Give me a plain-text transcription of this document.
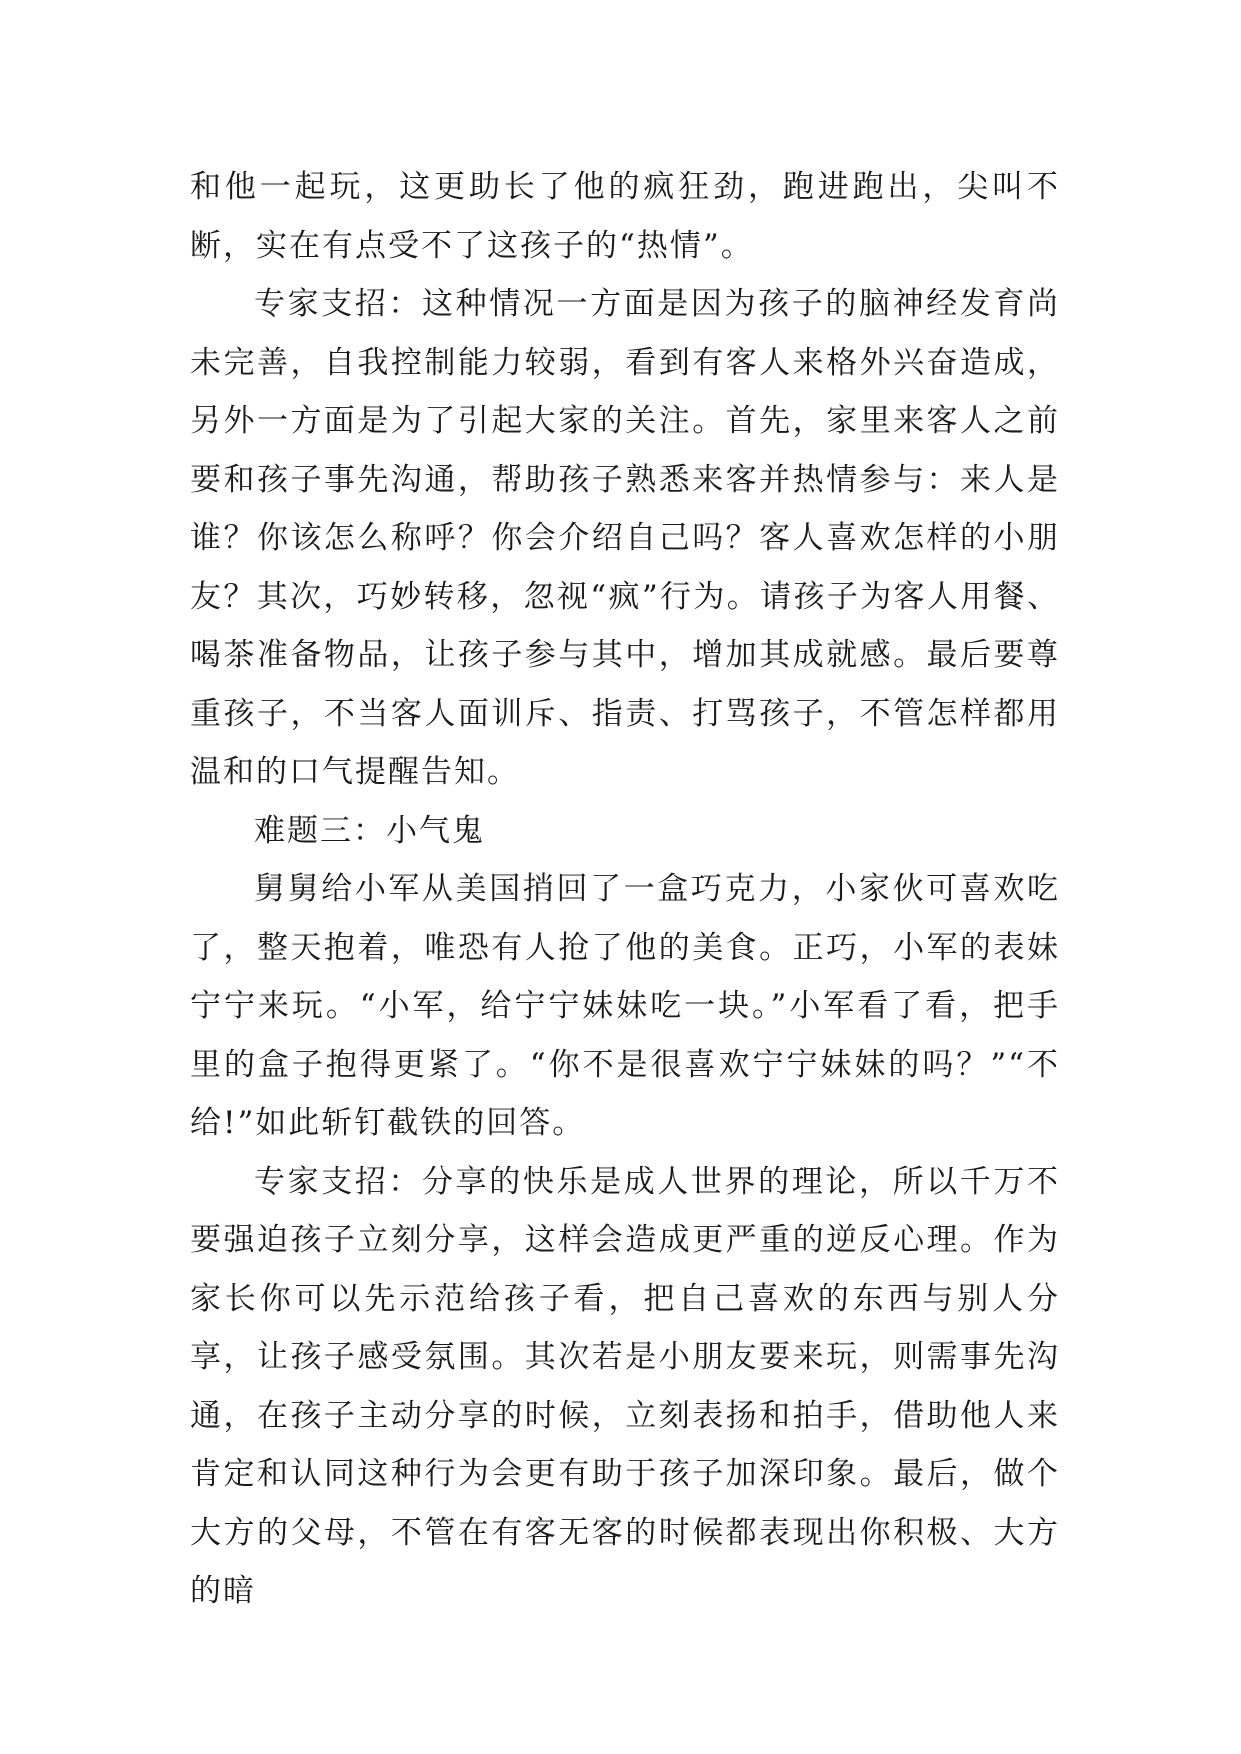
和他一起玩，这更助长了他的疯狂劲，跑进跑出，尖叫不断，实在有点受不了这孩子的“热情”。

专家支招：这种情况一方面是因为孩子的脑神经发育尚未完善，自我控制能力较弱，看到有客人来格外兴奋造成，另外一方面是为了引起大家的关注。首先，家里来客人之前要和孩子事先沟通，帮助孩子熟悉来客并热情参与：来人是谁？你该怎么称呼？你会介绍自己吗？客人喜欢怎样的小朋友？其次，巧妙转移，忽视“疯”行为。请孩子为客人用餐、喝茶准备物品，让孩子参与其中，增加其成就感。最后要尊重孩子，不当客人面训斥、指责、打骂孩子，不管怎样都用温和的口气提醒告知。

难题三：小气鬼

舅舅给小军从美国捎回了一盒巧克力，小家伙可喜欢吃了，整天抱着，唯恐有人抢了他的美食。正巧，小军的表妹宁宁来玩。“小军，给宁宁妹妹吃一块。”小军看了看，把手里的盒子抱得更紧了。“你不是很喜欢宁宁妹妹的吗？”“不给!”如此斩钉截铁的回答。

专家支招：分享的快乐是成人世界的理论，所以千万不要强迫孩子立刻分享，这样会造成更严重的逆反心理。作为家长你可以先示范给孩子看，把自己喜欢的东西与别人分享，让孩子感受氛围。其次若是小朋友要来玩，则需事先沟通，在孩子主动分享的时候，立刻表扬和拍手，借助他人来肯定和认同这种行为会更有助于孩子加深印象。最后，做个大方的父母，不管在有客无客的时候都表现出你积极、大方的暗
